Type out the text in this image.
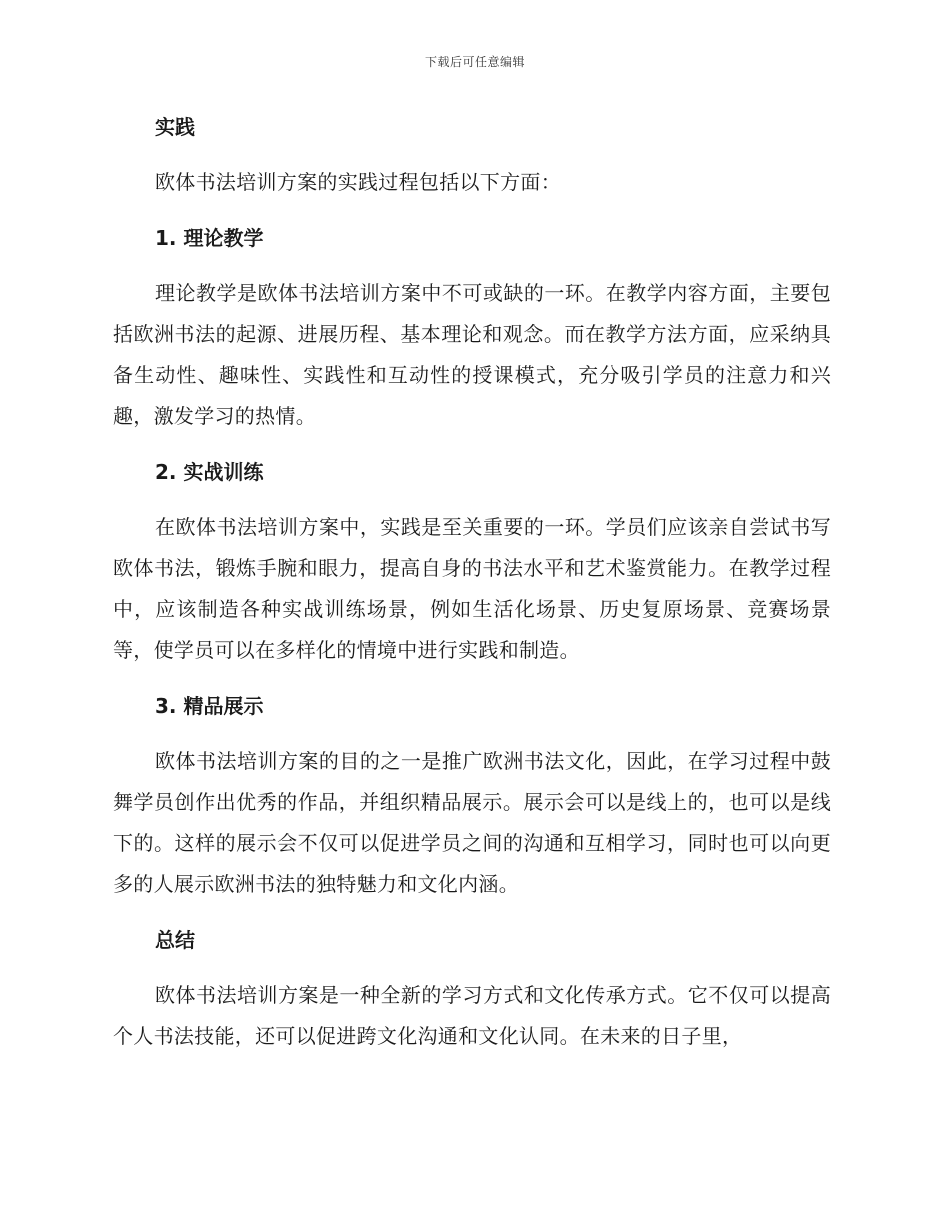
下载后可任意编辑
实践
欧体书法培训方案的实践过程包括以下方面：
1. 理论教学
理论教学是欧体书法培训方案中不可或缺的一环。在教学内容方面，主要包括欧洲书法的起源、进展历程、基本理论和观念。而在教学方法方面，应采纳具备生动性、趣味性、实践性和互动性的授课模式，充分吸引学员的注意力和兴趣，激发学习的热情。
2. 实战训练
在欧体书法培训方案中，实践是至关重要的一环。学员们应该亲自尝试书写欧体书法，锻炼手腕和眼力，提高自身的书法水平和艺术鉴赏能力。在教学过程中，应该制造各种实战训练场景，例如生活化场景、历史复原场景、竞赛场景等，使学员可以在多样化的情境中进行实践和制造。
3. 精品展示
欧体书法培训方案的目的之一是推广欧洲书法文化，因此，在学习过程中鼓舞学员创作出优秀的作品，并组织精品展示。展示会可以是线上的，也可以是线下的。这样的展示会不仅可以促进学员之间的沟通和互相学习，同时也可以向更多的人展示欧洲书法的独特魅力和文化内涵。
总结
欧体书法培训方案是一种全新的学习方式和文化传承方式。它不仅可以提高个人书法技能，还可以促进跨文化沟通和文化认同。在未来的日子里，
